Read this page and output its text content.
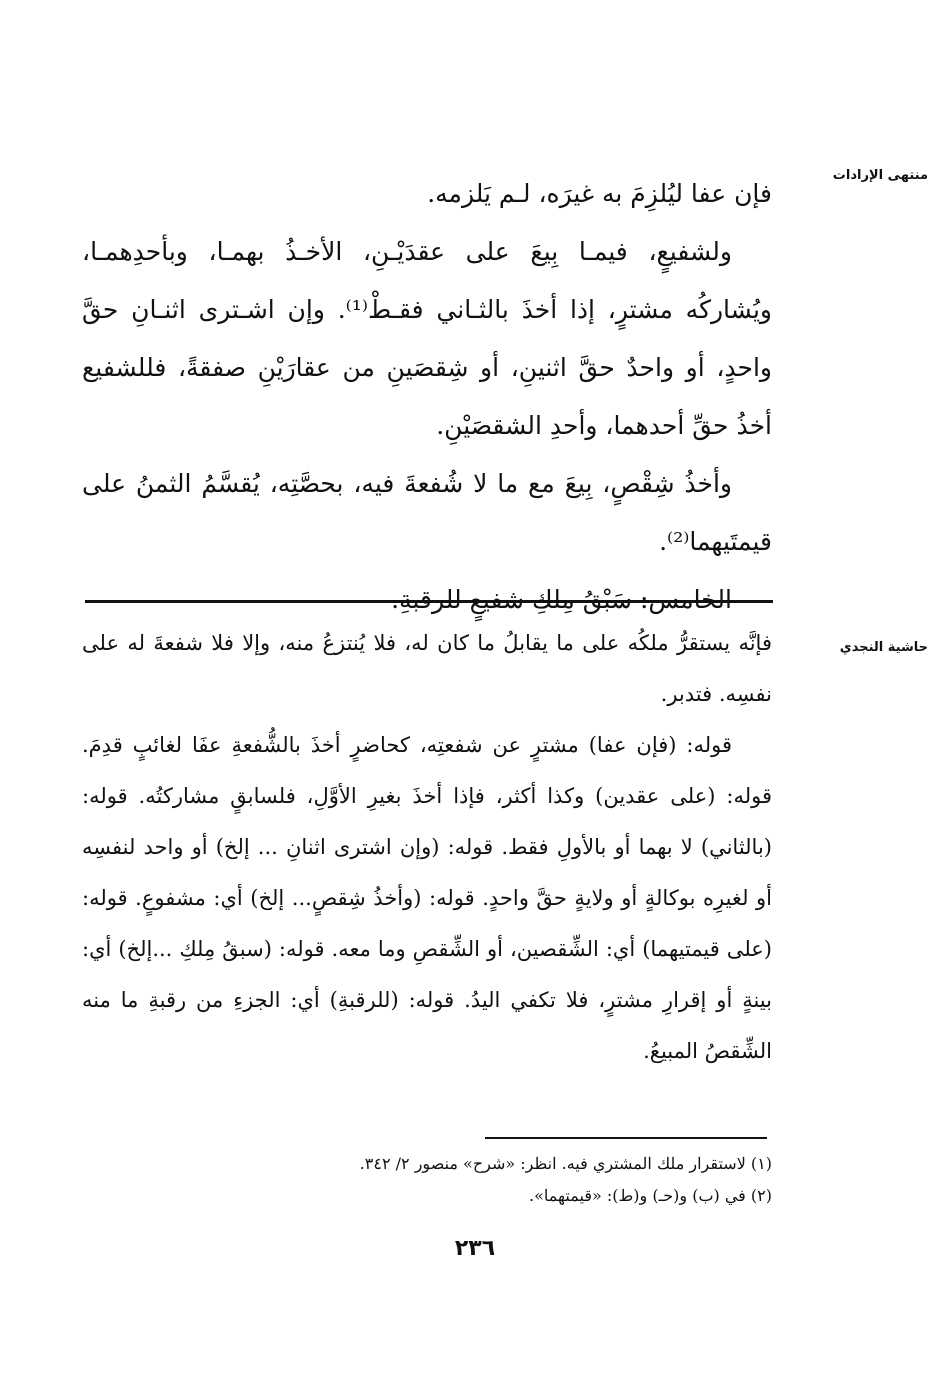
منتهى الإرادات
حاشية النجدي

فإن عفا ليُلزِمَ به غيرَه، لـم يَلزمه.

ولشفيعٍ، فيمـا بِيعَ على عقدَيْـنِ، الأخـذُ بهمـا، وبأحدِهمـا، ويُشاركُه مشترٍ، إذا أخذَ بالثـاني فقـطْ⁽¹⁾. وإن اشـترى اثنـانِ حقَّ واحدٍ، أو واحدٌ حقَّ اثنينِ، أو شِقصَينِ من عقارَيْنِ صفقةً، فللشفيع أخذُ حقِّ أحدهما، وأحدِ الشقصَيْنِ.

وأخذُ شِقْصٍ، بِيعَ مع ما لا شُفعةَ فيه، بحصَّتِه، يُقسَّمُ الثمنُ على قيمتَيهما⁽²⁾.

الخامس: سَبْقُ مِلكِ شفيعٍ للرقبةِ.

فإنَّه يستقرُّ ملكُه على ما يقابلُ ما كان له، فلا يُنتزعُ منه، وإلا فلا شفعةَ له على نفسِه. فتدبر.

قوله: (فإن عفا) مشترٍ عن شفعتِه، كحاضرٍ أخذَ بالشُّفعةِ عفَا لغائبٍ قدِمَ. قوله: (على عقدين) وكذا أكثر، فإذا أخذَ بغيرِ الأوَّلِ، فلسابقٍ مشاركتُه. قوله: (بالثاني) لا بهما أو بالأولِ فقط. قوله: (وإن اشترى اثنانِ ... إلخ) أو واحد لنفسِه أو لغيرِه بوكالةٍ أو ولايةٍ حقَّ واحدٍ. قوله: (وأخذُ شِقصٍ... إلخ) أي: مشفوعٍ. قوله: (على قيمتيهما) أي: الشِّقصين، أو الشِّقصِ وما معه. قوله: (سبقُ مِلكِ ...إلخ) أي: بينةٍ أو إقرارِ مشترٍ، فلا تكفي اليدُ. قوله: (للرقبةِ) أي: الجزءِ من رقبةِ ما منه الشِّقصُ المبيعُ.

(١) لاستقرار ملك المشتري فيه. انظر: «شرح» منصور ٢/ ٣٤٢.

(٢) في (ب) و(حـ) و(ط): «قيمتهما».

٢٣٦
